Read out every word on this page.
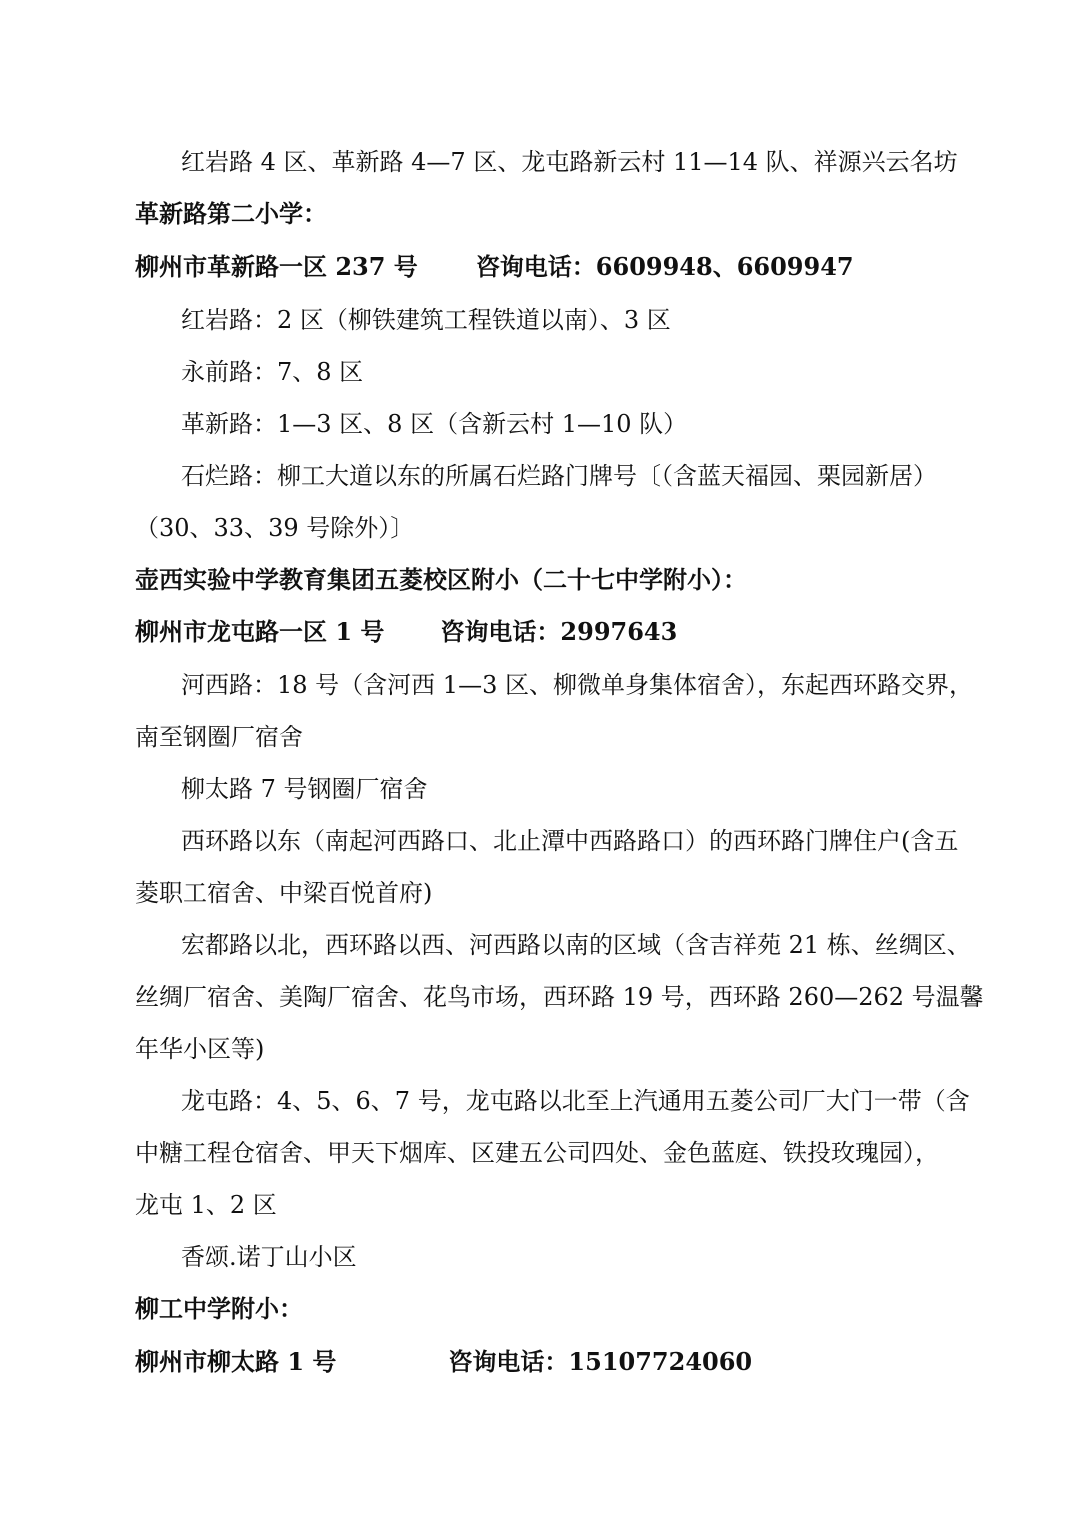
红岩路 4 区、革新路 4—7 区、龙屯路新云村 11—14 队、祥源兴云名坊
革新路第二小学：
柳州市革新路一区 237 号 咨询电话：6609948、6609947
红岩路：2 区（柳铁建筑工程铁道以南）、3 区
永前路：7、8 区
革新路：1—3 区、8 区（含新云村 1—10 队）
石烂路：柳工大道以东的所属石烂路门牌号〔（含蓝天福园、栗园新居）
（30、33、39 号除外）〕
壶西实验中学教育集团五菱校区附小（二十七中学附小）：
柳州市龙屯路一区 1 号 咨询电话：2997643
河西路：18 号（含河西 1—3 区、柳微单身集体宿舍），东起西环路交界，
南至钢圈厂宿舍
柳太路 7 号钢圈厂宿舍
西环路以东（南起河西路口、北止潭中西路路口）的西环路门牌住户(含五
菱职工宿舍、中梁百悦首府)
宏都路以北，西环路以西、河西路以南的区域（含吉祥苑 21 栋、丝绸区、
丝绸厂宿舍、美陶厂宿舍、花鸟市场，西环路 19 号，西环路 260—262 号温馨
年华小区等)
龙屯路：4、5、6、7 号，龙屯路以北至上汽通用五菱公司厂大门一带（含
中糖工程仓宿舍、甲天下烟库、区建五公司四处、金色蓝庭、铁投玫瑰园），
龙屯 1、2 区
香颂.诺丁山小区
柳工中学附小：
柳州市柳太路 1 号	咨询电话：15107724060
